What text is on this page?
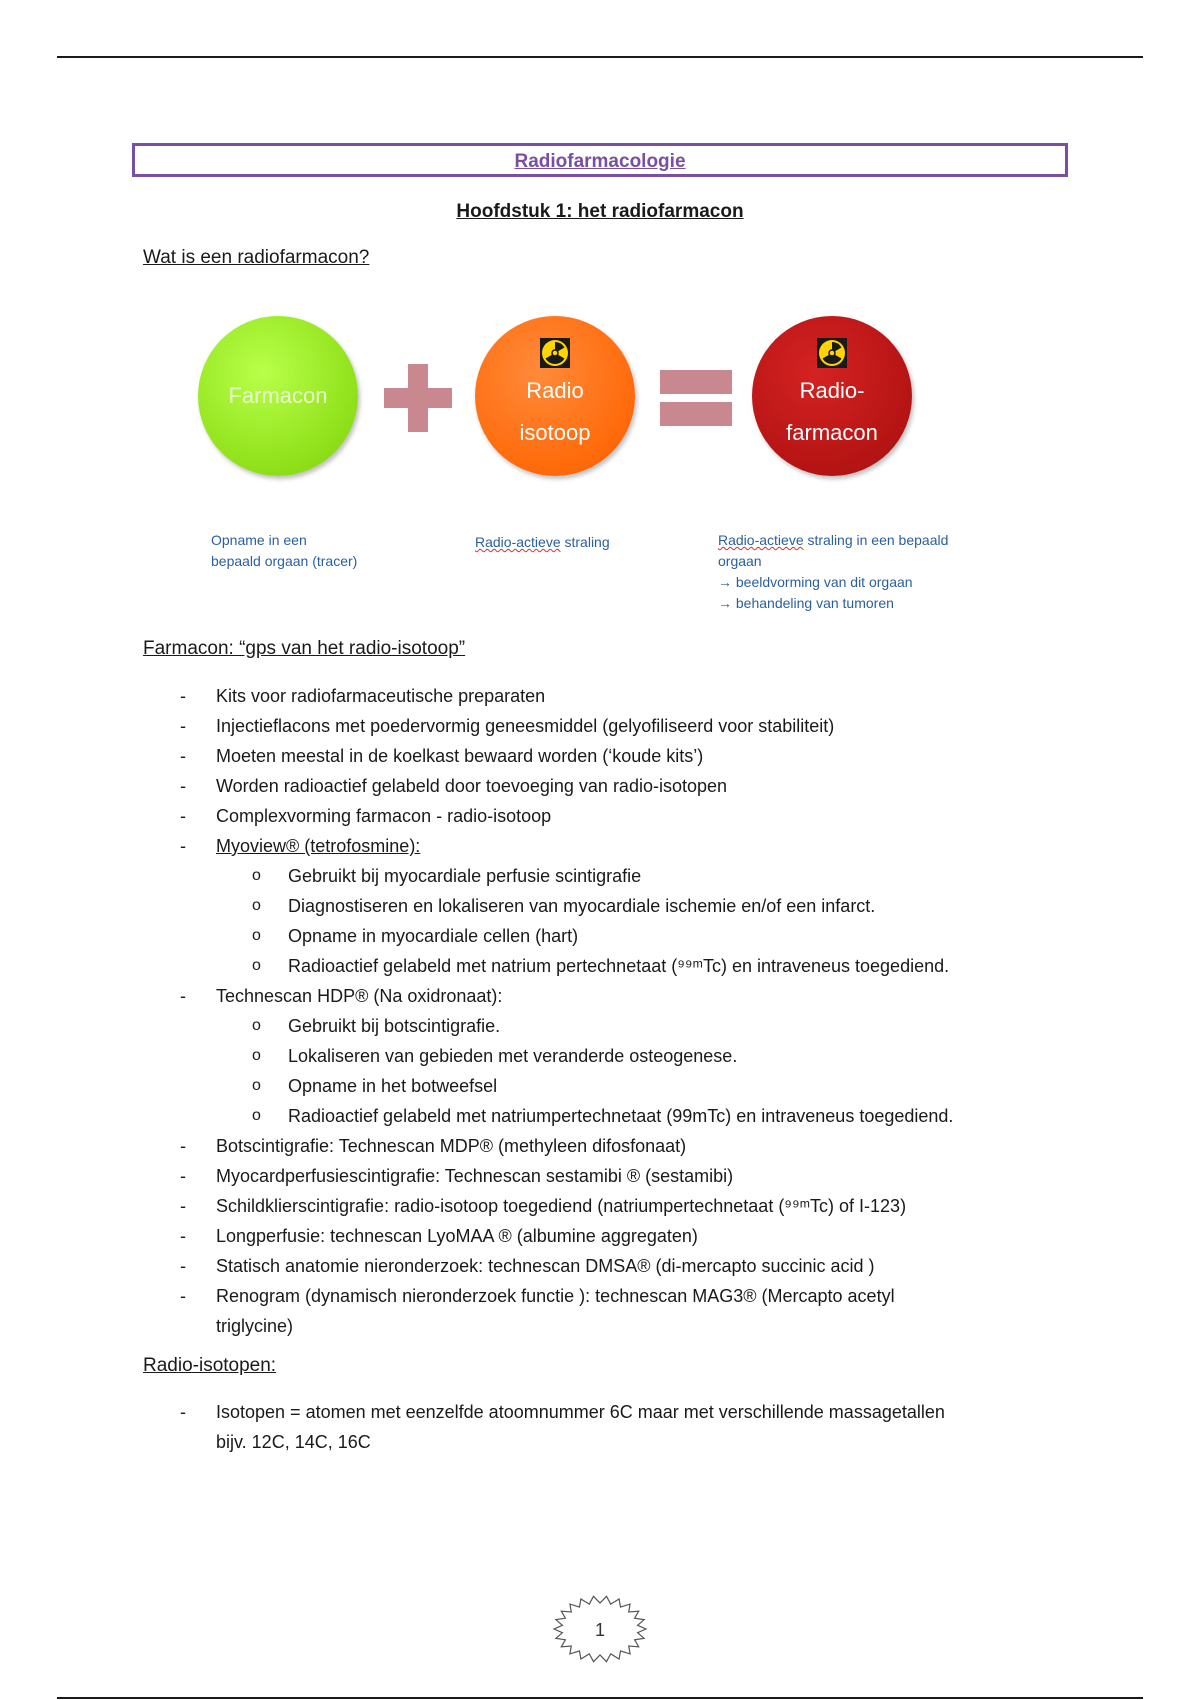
Radiofarmacologie
Hoofdstuk 1: het radiofarmacon
Wat is een radiofarmacon?
Farmacon	Radio
isotoop
Radio-
farmacon
Opname in een
bepaald orgaan (tracer)
Radio-actieve straling	Radio-actieve straling in een bepaald
orgaan
→ beeldvorming van dit orgaan
→ behandeling van tumoren
Farmacon: “gps van het radio-isotoop”
- Kits voor radiofarmaceutische preparaten
- Injectieflacons met poedervormig geneesmiddel (gelyofiliseerd voor stabiliteit)
- Moeten meestal in de koelkast bewaard worden (‘koude kits’)
- Worden radioactief gelabeld door toevoeging van radio-isotopen
- Complexvorming farmacon - radio-isotoop
- Myoview® (tetrofosmine):
o Gebruikt bij myocardiale perfusie scintigrafie
o Diagnostiseren en lokaliseren van myocardiale ischemie en/of een infarct.
o Opname in myocardiale cellen (hart)
o Radioactief gelabeld met natrium pertechnetaat (⁹⁹ᵐTc) en intraveneus toegediend.
- Technescan HDP® (Na oxidronaat):
o Gebruikt bij botscintigrafie.
o Lokaliseren van gebieden met veranderde osteogenese.
o Opname in het botweefsel
o Radioactief gelabeld met natriumpertechnetaat (99mTc) en intraveneus toegediend.
- Botscintigrafie: Technescan MDP® (methyleen difosfonaat)
- Myocardperfusiescintigrafie: Technescan sestamibi ® (sestamibi)
- Schildklierscintigrafie: radio-isotoop toegediend (natriumpertechnetaat (⁹⁹ᵐTc) of I-123)
- Longperfusie: technescan LyoMAA ® (albumine aggregaten)
- Statisch anatomie nieronderzoek: technescan DMSA® (di-mercapto succinic acid )
- Renogram (dynamisch nieronderzoek functie ): technescan MAG3® (Mercapto acetyl
triglycine)
Radio-isotopen:
- Isotopen = atomen met eenzelfde atoomnummer 6C maar met verschillende massagetallen
bijv. 12C, 14C, 16C
1
